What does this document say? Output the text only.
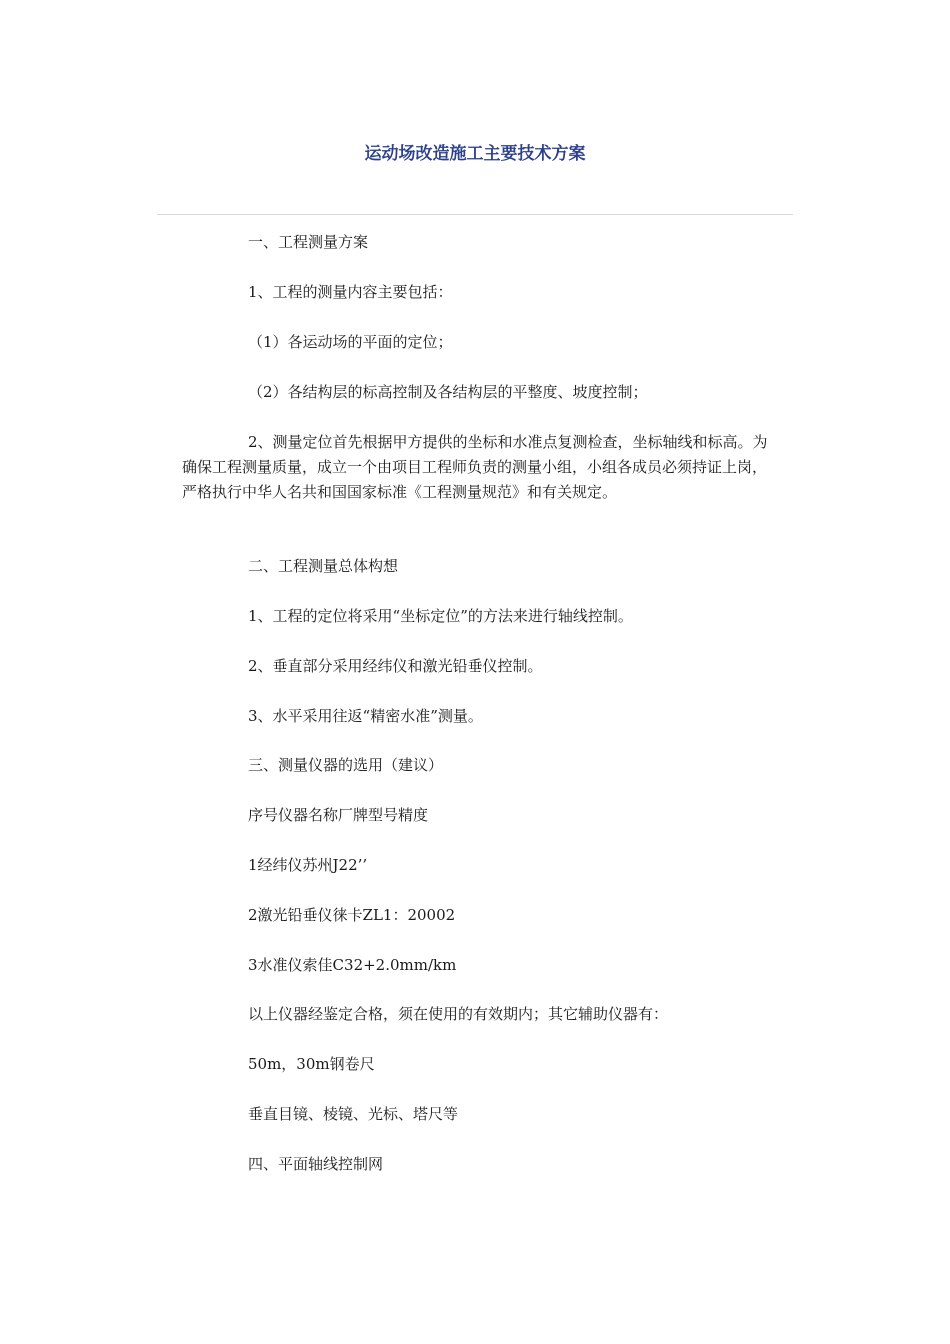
运动场改造施工主要技术方案

一、工程测量方案

1、工程的测量内容主要包括：

（1）各运动场的平面的定位；

（2）各结构层的标高控制及各结构层的平整度、坡度控制；

2、测量定位首先根据甲方提供的坐标和水准点复测检查，坐标轴线和标高。为确保工程测量质量，成立一个由项目工程师负责的测量小组，小组各成员必须持证上岗，严格执行中华人名共和国国家标准《工程测量规范》和有关规定。

二、工程测量总体构想

1、工程的定位将采用“坐标定位”的方法来进行轴线控制。

2、垂直部分采用经纬仪和激光铅垂仪控制。

3、水平采用往返“精密水准”测量。

三、测量仪器的选用（建议）

序号仪器名称厂牌型号精度

1经纬仪苏州J22’’

2激光铅垂仪徕卡ZL1：20002

3水准仪索佳C32+2.0mm/km

以上仪器经鉴定合格，须在使用的有效期内；其它辅助仪器有：

50m，30m钢卷尺

垂直目镜、棱镜、光标、塔尺等

四、平面轴线控制网
